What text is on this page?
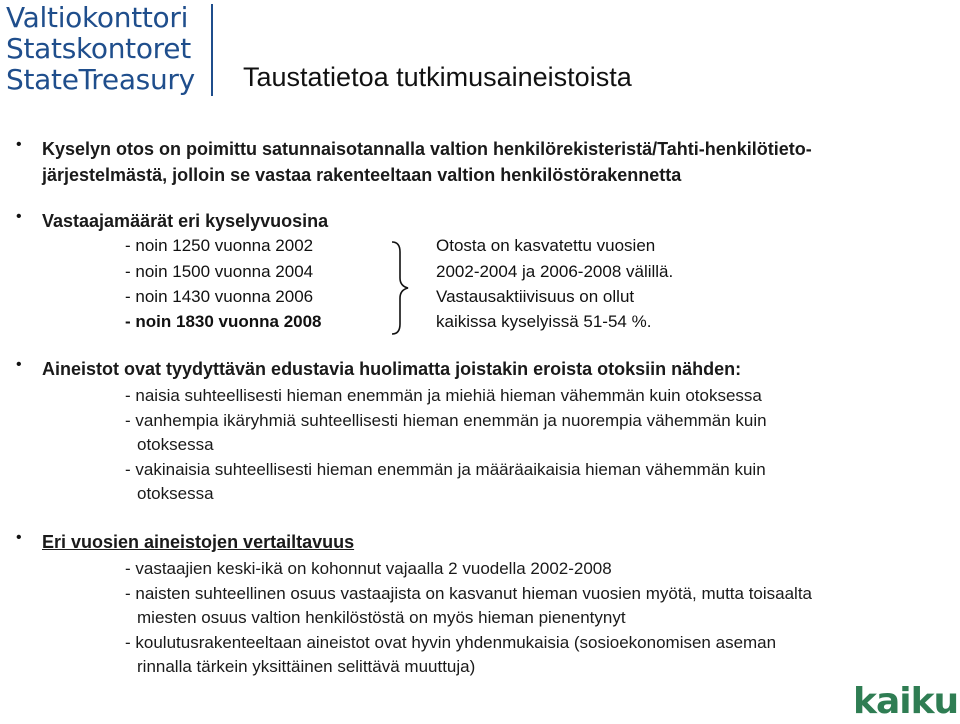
Valtiokonttori
Statskontoret
StateTreasury Taustatietoa tutkimusaineistoista
• Kyselyn otos on poimittu satunnaisotannalla valtion henkilörekisteristä/Tahti-henkilötieto-
järjestelmästä, jolloin se vastaa rakenteeltaan valtion henkilöstörakennetta
• Vastaajamäärät eri kyselyvuosina
- noin 1250 vuonna 2002
- noin 1500 vuonna 2004
- noin 1430 vuonna 2006
- noin 1830 vuonna 2008
Otosta on kasvatettu vuosien
2002-2004 ja 2006-2008 välillä.
Vastausaktiivisuus on ollut
kaikissa kyselyissä 51-54 %.
• Aineistot ovat tyydyttävän edustavia huolimatta joistakin eroista otoksiin nähden:
- naisia suhteellisesti hieman enemmän ja miehiä hieman vähemmän kuin otoksessa
- vanhempia ikäryhmiä suhteellisesti hieman enemmän ja nuorempia vähemmän kuin
otoksessa
- vakinaisia suhteellisesti hieman enemmän ja määräaikaisia hieman vähemmän kuin
otoksessa
• Eri vuosien aineistojen vertailtavuus
- vastaajien keski-ikä on kohonnut vajaalla 2 vuodella 2002-2008
- naisten suhteellinen osuus vastaajista on kasvanut hieman vuosien myötä, mutta toisaalta
miesten osuus valtion henkilöstöstä on myös hieman pienentynyt
- koulutusrakenteeltaan aineistot ovat hyvin yhdenmukaisia (sosioekonomisen aseman
rinnalla tärkein yksittäinen selittävä muuttuja)
kaiku
